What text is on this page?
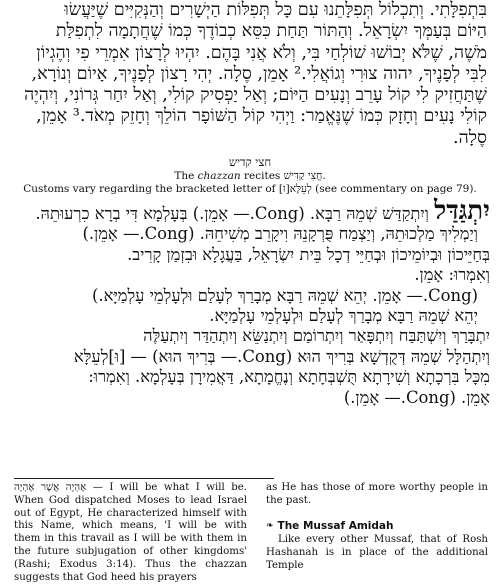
בִּתְפִלָּתִי. וְתִכְלוֹל תְּפִלָּתֵנוּ עִם כָּל תְּפִלּוֹת הַיְשָׁרִים וְהַנְּקִיִּים שֶׁיַּעֲשׂוּ
הַיּוֹם בְּעַמְּךָ יִשְׂרָאֵל. וְהַתּוֹר תַּחַת כִּסֵּא כְבוֹדֶךָ כְּמוֹ שֶׁחֲתָמָה לִתְפִלַּת
מֹשֶׁה, שֶׁלֹּא יְבוֹשׁוּ שׁוֹלְחַי בִּי, וְלֹא אֲנִי בָּהֶם. יִהְיוּ לְרָצוֹן אִמְרֵי פִי וְהֶגְיוֹן
לִבִּי לְפָנֶיךָ, יהוה צוּרִי וְגוֹאֲלִי.² אָמֵן, סֶלָה. יְהִי רָצוֹן לְפָנֶיךָ, אָיוֹם וְנוֹרָא,
שֶׁתַּחֲזִיק לִי קוֹל עָרֵב וְנָעִים הַיּוֹם; וְאַל יַפְסִיק קוֹלִי, וְאַל יִחַר גְּרוֹנִי, וְיִהְיֶה
קוֹלִי נָעִים וְחָזָק כְּמוֹ שֶׁנֶּאֱמַר: וַיְהִי קוֹל הַשּׁוֹפָר הוֹלֵךְ וְחָזֵק מְאֹד.³ אָמֵן,
סֶלָה.
חצי קדיש
The chazzan recites חֲצִי קַדִּישׁ.
Customs vary regarding the bracketed letter of [וּ]לְעֵלָּא (see commentary on page 79).
יִתְגַּדַּל וְיִתְקַדַּשׁ שְׁמֵהּ רַבָּא. (Cong.— אָמֵן.) בְּעָלְמָא דִּי בְרָא כִרְעוּתֵהּ.
וְיַמְלִיךְ מַלְכוּתֵהּ, וְיַצְמַח פֻּרְקָנֵהּ וִיקָרֵב מְשִׁיחֵהּ. (Cong.— אָמֵן.)
בְּחַיֵּיכוֹן וּבְיוֹמֵיכוֹן וּבְחַיֵּי דְכָל בֵּית יִשְׂרָאֵל, בַּעֲגָלָא וּבִזְמַן קָרִיב.
וְאִמְרוּ: אָמֵן.
(Cong.— אָמֵן. יְהֵא שְׁמֵהּ רַבָּא מְבָרַךְ לְעָלַם וּלְעָלְמֵי עָלְמַיָּא.)
יְהֵא שְׁמֵהּ רַבָּא מְבָרַךְ לְעָלַם וּלְעָלְמֵי עָלְמַיָּא.
יִתְבָּרַךְ וְיִשְׁתַּבַּח וְיִתְפָּאַר וְיִתְרוֹמַם וְיִתְנַשֵּׂא וְיִתְהַדַּר וְיִתְעַלֶּה
וְיִתְהַלָּל שְׁמֵהּ דְּקֻדְשָׁא בְּרִיךְ הוּא (Cong.— בְּרִיךְ הוּא) — [וּ]לְעֵלָּא
מִכָּל בִּרְכָתָא וְשִׁירָתָא תֻּשְׁבְּחָתָא וְנֶחֱמָתָא, דַּאֲמִירָן בְּעָלְמָא. וְאִמְרוּ:
אָמֵן. (Cong.— אָמֵן.)
אֶהְיֶה אֲשֶׁר אֶהְיֶה — I will be what I will be. When God dispatched Moses to lead Israel out of Egypt, He characterized himself with this Name, which means, 'I will be with them in this travail as I will be with them in the future subjugation of other kingdoms' (Rashi; Exodus 3:14). Thus the chazzan suggests that God heed his prayers

as He has those of more worthy people in the past.

❧ The Mussaf Amidah

Like every other Mussaf, that of Rosh Hashanah is in place of the additional Temple
